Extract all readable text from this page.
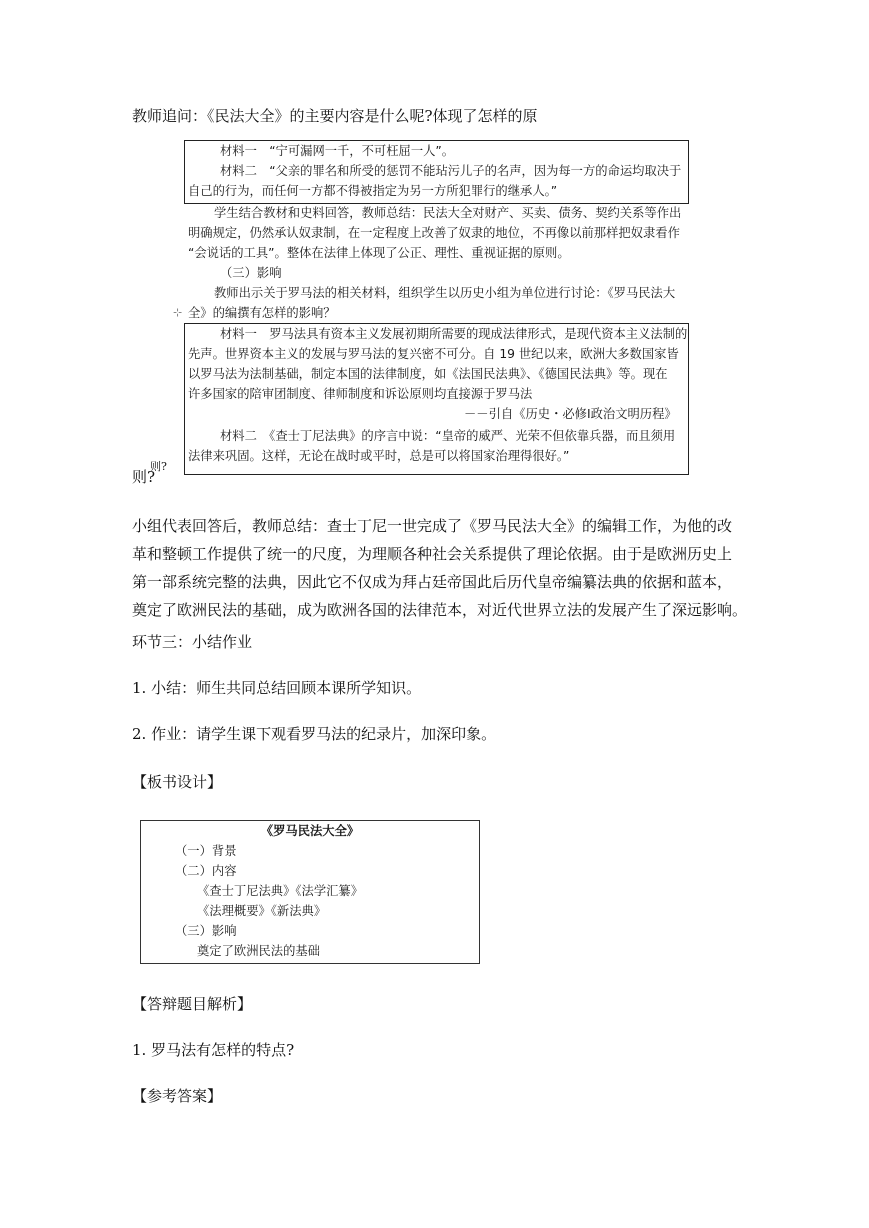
教师追问：《民法大全》的主要内容是什么呢?体现了怎样的原
材料一　“宁可漏网一千，不可枉屈一人”。
材料二　“父亲的罪名和所受的惩罚不能玷污儿子的名声，因为每一方的命运均取决于
自己的行为，而任何一方都不得被指定为另一方所犯罪行的继承人。”
学生结合教材和史料回答，教师总结：民法大全对财产、买卖、债务、契约关系等作出
明确规定，仍然承认奴隶制，在一定程度上改善了奴隶的地位，不再像以前那样把奴隶看作
“会说话的工具”。整体在法律上体现了公正、理性、重视证据的原则。
（三）影响
教师出示关于罗马法的相关材料，组织学生以历史小组为单位进行讨论：《罗马民法大
全》的编撰有怎样的影响？
⊹
材料一　罗马法具有资本主义发展初期所需要的现成法律形式，是现代资本主义法制的
先声。世界资本主义的发展与罗马法的复兴密不可分。自 19 世纪以来，欧洲大多数国家皆
以罗马法为法制基础，制定本国的法律制度，如《法国民法典》、《德国民法典》等。现在
许多国家的陪审团制度、律师制度和诉讼原则均直接源于罗马法
－－引自《历史・必修Ⅰ政治文明历程》
材料二　《查士丁尼法典》的序言中说：“皇帝的威严、光荣不但依靠兵器，而且须用
法律来巩固。这样，无论在战时或平时，总是可以将国家治理得很好。”
则?
则?
小组代表回答后，教师总结：查士丁尼一世完成了《罗马民法大全》的编辑工作，为他的改
革和整顿工作提供了统一的尺度，为理顺各种社会关系提供了理论依据。由于是欧洲历史上
第一部系统完整的法典，因此它不仅成为拜占廷帝国此后历代皇帝编纂法典的依据和蓝本，
奠定了欧洲民法的基础，成为欧洲各国的法律范本，对近代世界立法的发展产生了深远影响。
环节三：小结作业
1. 小结：师生共同总结回顾本课所学知识。
2. 作业：请学生课下观看罗马法的纪录片，加深印象。
【板书设计】
《罗马民法大全》
（一）背景
（二）内容
《查士丁尼法典》《法学汇纂》
《法理概要》《新法典》
（三）影响
奠定了欧洲民法的基础
【答辩题目解析】
1. 罗马法有怎样的特点?
【参考答案】
